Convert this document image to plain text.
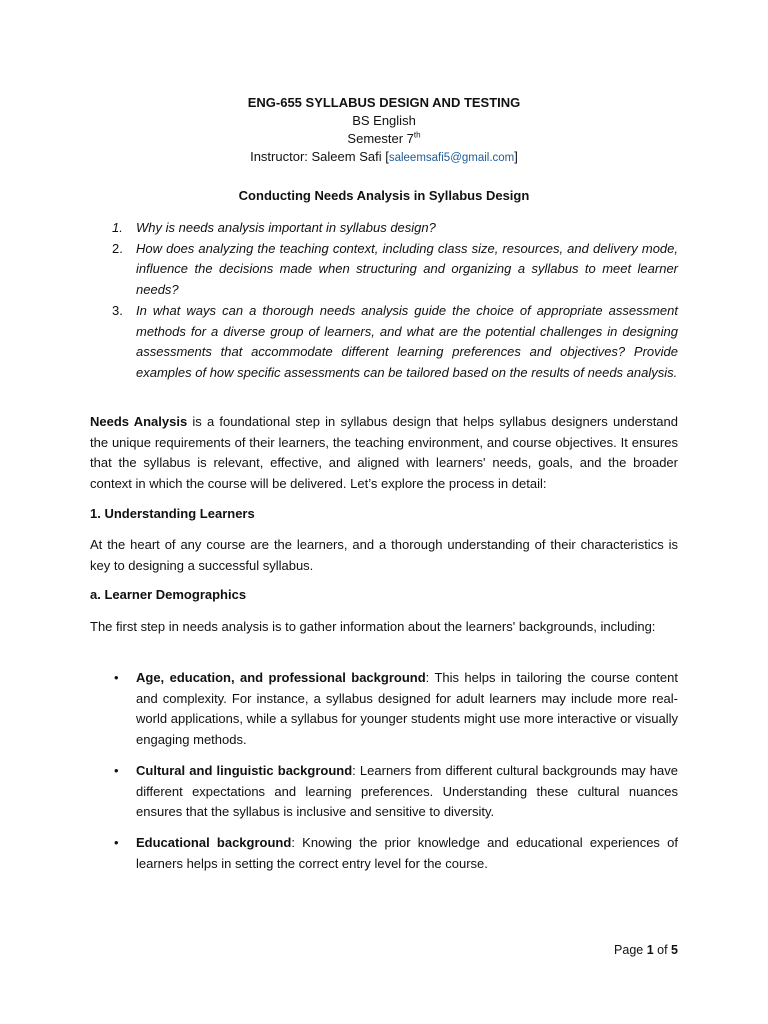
ENG-655 SYLLABUS DESIGN AND TESTING
BS English
Semester 7th
Instructor: Saleem Safi [saleemsafi5@gmail.com]
Conducting Needs Analysis in Syllabus Design
1. Why is needs analysis important in syllabus design?
2. How does analyzing the teaching context, including class size, resources, and delivery mode, influence the decisions made when structuring and organizing a syllabus to meet learner needs?
3. In what ways can a thorough needs analysis guide the choice of appropriate assessment methods for a diverse group of learners, and what are the potential challenges in designing assessments that accommodate different learning preferences and objectives? Provide examples of how specific assessments can be tailored based on the results of needs analysis.

Needs Analysis is a foundational step in syllabus design that helps syllabus designers understand the unique requirements of their learners, the teaching environment, and course objectives. It ensures that the syllabus is relevant, effective, and aligned with learners' needs, goals, and the broader context in which the course will be delivered. Let’s explore the process in detail:

1. Understanding Learners

At the heart of any course are the learners, and a thorough understanding of their characteristics is key to designing a successful syllabus.

a. Learner Demographics

The first step in needs analysis is to gather information about the learners' backgrounds, including:

• Age, education, and professional background: This helps in tailoring the course content and complexity. For instance, a syllabus designed for adult learners may include more real-world applications, while a syllabus for younger students might use more interactive or visually engaging methods.
• Cultural and linguistic background: Learners from different cultural backgrounds may have different expectations and learning preferences. Understanding these cultural nuances ensures that the syllabus is inclusive and sensitive to diversity.
• Educational background: Knowing the prior knowledge and educational experiences of learners helps in setting the correct entry level for the course.
Page 1 of 5
